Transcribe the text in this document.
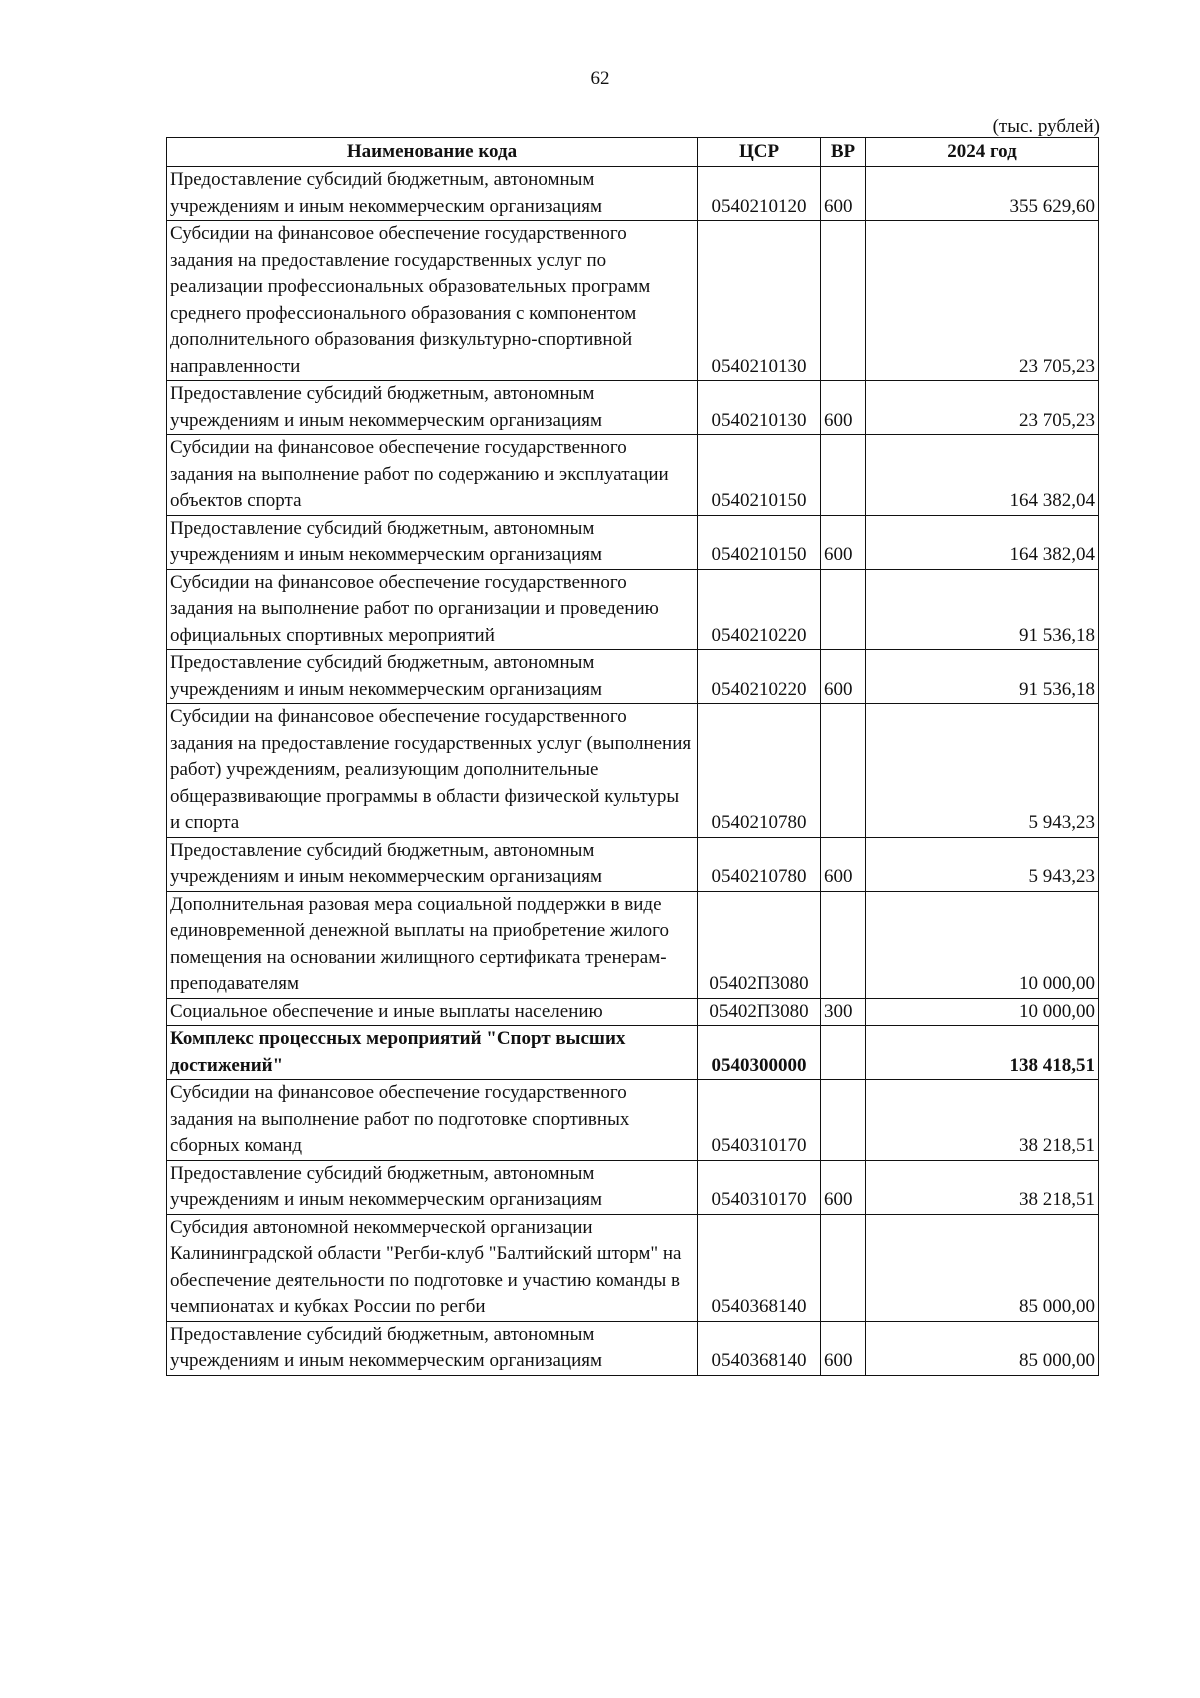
62
(тыс. рублей)
Наименование кода	ЦСР	ВР	2024 год
Предоставление субсидий бюджетным, автономным учреждениям и иным некоммерческим организациям	0540210120	600	355 629,60
Субсидии на финансовое обеспечение государственного задания на предоставление государственных услуг по реализации профессиональных образовательных программ среднего профессионального образования с компонентом дополнительного образования физкультурно-спортивной направленности	0540210130		23 705,23
Предоставление субсидий бюджетным, автономным учреждениям и иным некоммерческим организациям	0540210130	600	23 705,23
Субсидии на финансовое обеспечение государственного задания на выполнение работ по содержанию и эксплуатации объектов спорта	0540210150		164 382,04
Предоставление субсидий бюджетным, автономным учреждениям и иным некоммерческим организациям	0540210150	600	164 382,04
Субсидии на финансовое обеспечение государственного задания на выполнение работ по организации и проведению официальных спортивных мероприятий	0540210220		91 536,18
Предоставление субсидий бюджетным, автономным учреждениям и иным некоммерческим организациям	0540210220	600	91 536,18
Субсидии на финансовое обеспечение государственного задания на предоставление государственных услуг (выполнения работ) учреждениям, реализующим дополнительные общеразвивающие программы в области физической культуры и спорта	0540210780		5 943,23
Предоставление субсидий бюджетным, автономным учреждениям и иным некоммерческим организациям	0540210780	600	5 943,23
Дополнительная разовая мера социальной поддержки в виде единовременной денежной выплаты на приобретение жилого помещения на основании жилищного сертификата тренерам-преподавателям	05402П3080		10 000,00
Социальное обеспечение и иные выплаты населению	05402П3080	300	10 000,00
Комплекс процессных мероприятий "Спорт высших достижений"	0540300000		138 418,51
Субсидии на финансовое обеспечение государственного задания на выполнение работ по подготовке спортивных сборных команд	0540310170		38 218,51
Предоставление субсидий бюджетным, автономным учреждениям и иным некоммерческим организациям	0540310170	600	38 218,51
Субсидия автономной некоммерческой организации Калининградской области "Регби-клуб "Балтийский шторм" на обеспечение деятельности по подготовке и участию команды в чемпионатах и кубках России по регби	0540368140		85 000,00
Предоставление субсидий бюджетным, автономным учреждениям и иным некоммерческим организациям	0540368140	600	85 000,00
